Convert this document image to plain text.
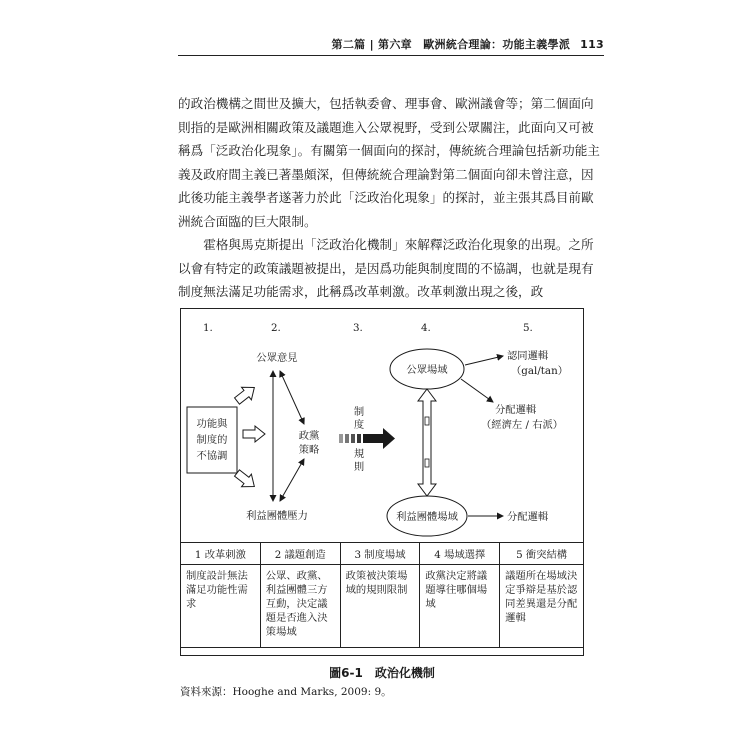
第二篇 | 第六章　歐洲統合理論：功能主義學派 113

的政治機構之間世及擴大，包括執委會、理事會、歐洲議會等；第二個面向則指的是歐洲相關政策及議題進入公眾視野，受到公眾關注，此面向又可被稱爲「泛政治化現象」。有關第一個面向的探討，傳統統合理論包括新功能主義及政府間主義已著墨頗深，但傳統統合理論對第二個面向卻未曾注意，因此後功能主義學者遂著力於此「泛政治化現象」的探討，並主張其爲目前歐洲統合面臨的巨大限制。

霍格與馬克斯提出「泛政治化機制」來解釋泛政治化現象的出現。之所以會有特定的政策議題被提出，是因爲功能與制度間的不協調，也就是現有制度無法滿足功能需求，此稱爲改革刺激。改革刺激出現之後，政

1.	2.	3.	4.	5.
功能與
制度的
不協調
公眾意見
政黨
策略
利益團體壓力
制
度
規
則
公眾場域
利益團體場域
認同邏輯
（gal/tan）
分配邏輯
（經濟左 / 右派）
分配邏輯
1 改革刺激	2 議題創造	3 制度場域	4 場域選擇	5 衝突結構
制度設計無法滿足功能性需求	公眾、政黨、利益團體三方互動，決定議題是否進入決策場域	政策被決策場域的規則限制	政黨決定將議題導往哪個場域	議題所在場域決定爭辯是基於認同差異還是分配邏輯
圖6-1 政治化機制
資料來源：Hooghe and Marks, 2009: 9。
